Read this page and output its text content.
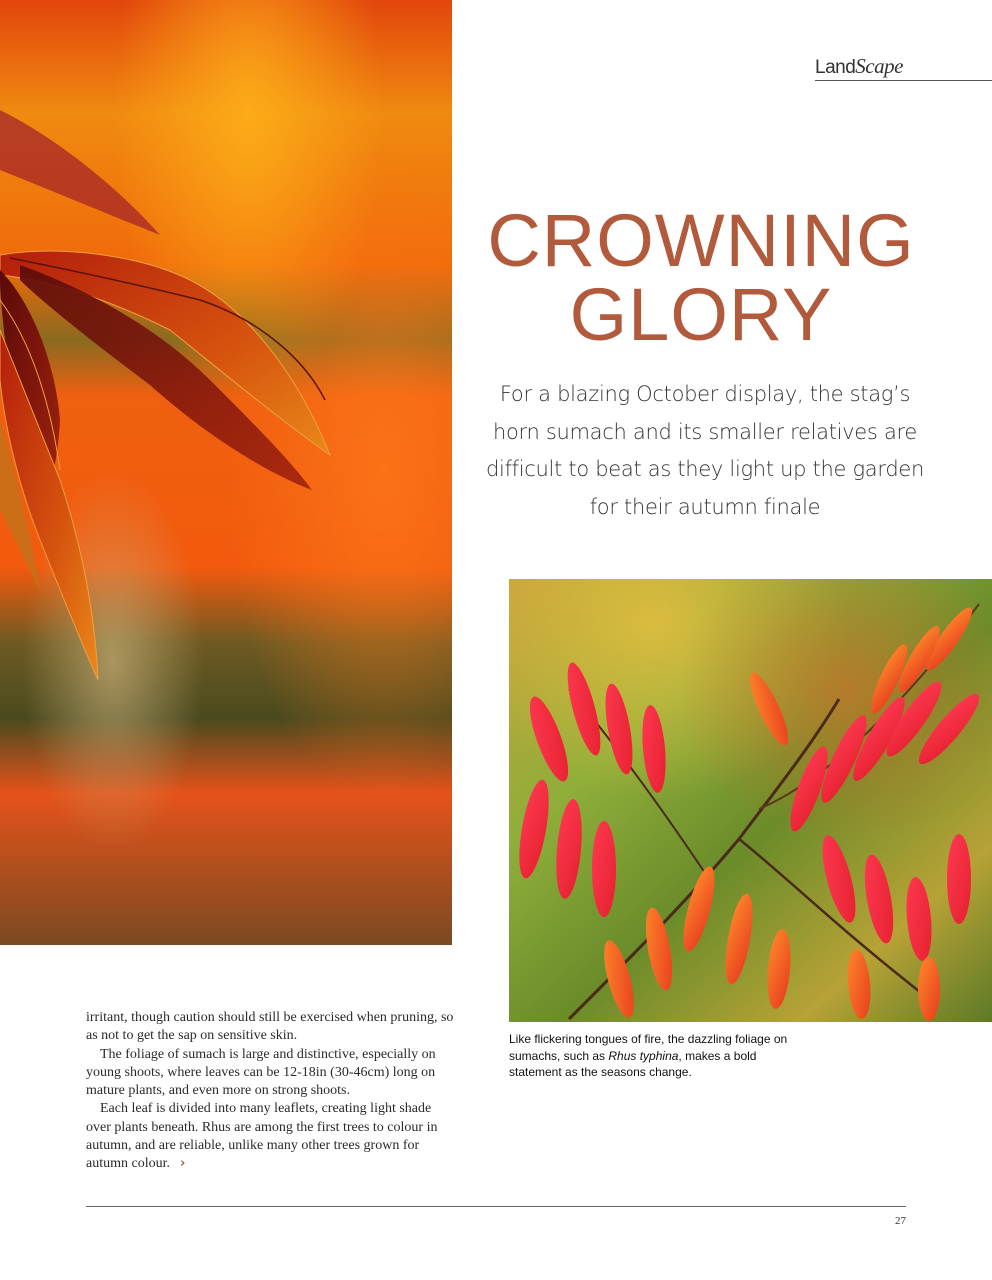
LandScape
CROWNING
GLORY

For a blazing October display, the stag’s horn sumach and its smaller relatives are difficult to beat as they light up the garden for their autumn finale

Like flickering tongues of fire, the dazzling foliage on sumachs, such as Rhus typhina, makes a bold statement as the seasons change.

irritant, though caution should still be exercised when pruning, so as not to get the sap on sensitive skin.

The foliage of sumach is large and distinctive, especially on young shoots, where leaves can be 12-18in (30-46cm) long on mature plants, and even more on strong shoots.

Each leaf is divided into many leaflets, creating light shade over plants beneath. Rhus are among the first trees to colour in autumn, and are reliable, unlike many other trees grown for autumn colour. ›

27
